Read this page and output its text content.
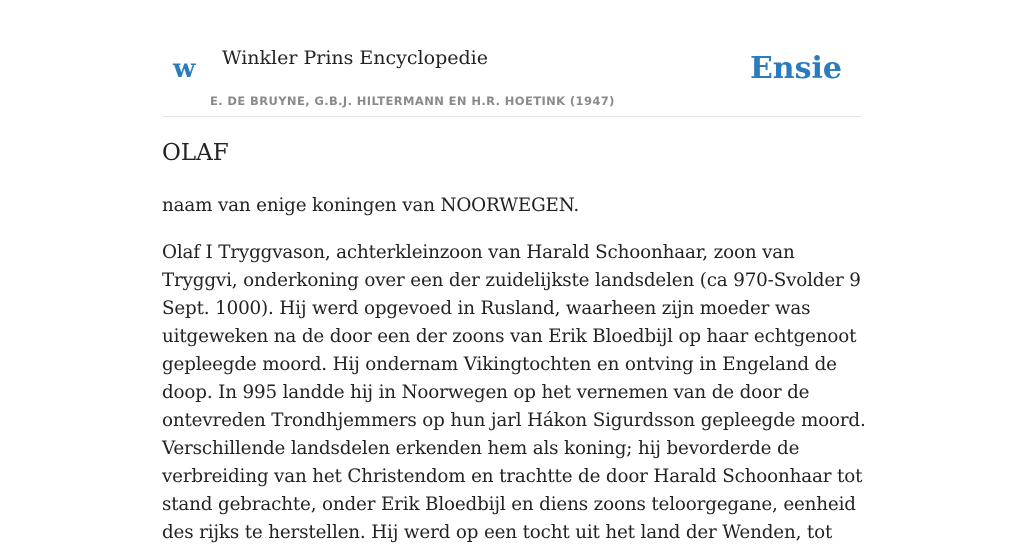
w Winkler Prins Encyclopedie
E. DE BRUYNE, G.B.J. HILTERMANN EN H.R. HOETINK (1947)
Ensie
OLAF

naam van enige koningen van NOORWEGEN.

Olaf I Tryggvason, achterkleinzoon van Harald Schoonhaar, zoon van Tryggvi, onderkoning over een der zuidelijkste landsdelen (ca 970-Svolder 9 Sept. 1000). Hij werd opgevoed in Rusland, waarheen zijn moeder was uitgeweken na de door een der zoons van Erik Bloedbijl op haar echtgenoot gepleegde moord. Hij ondernam Vikingtochten en ontving in Engeland de doop. In 995 landde hij in Noorwegen op het vernemen van de door de ontevreden Trondhjemmers op hun jarl Hákon Sigurdsson gepleegde moord. Verschillende landsdelen erkenden hem als koning; hij bevorderde de verbreiding van het Christendom en trachtte de door Harald Schoonhaar tot stand gebrachte, onder Erik Bloedbijl en diens zoons teloorgegane, eenheid des rijks te herstellen. Hij werd op een tocht uit het land der Wenden, tot
